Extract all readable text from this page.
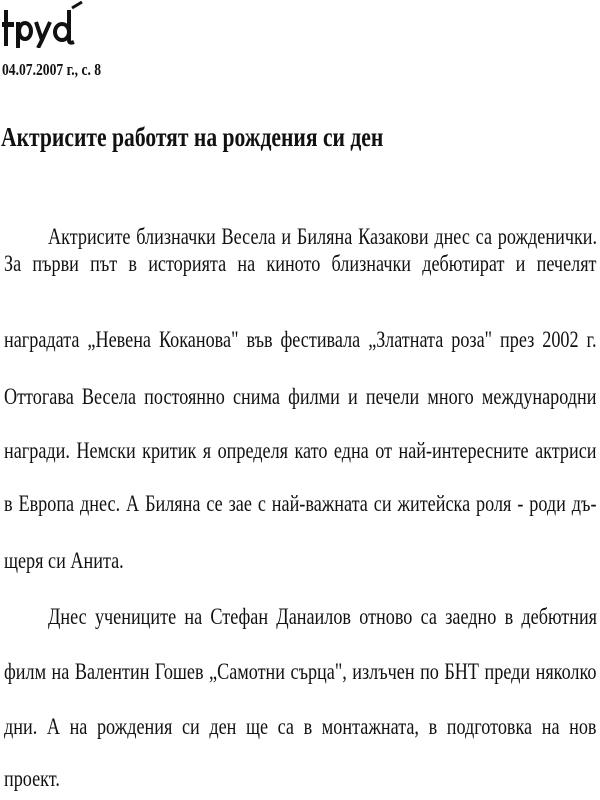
04.07.2007 г., с. 8
Актрисите работят на рождения си ден
Актрисите близначки Весела и Биляна Казакови днес са рожденички.
За първи път в историята на киното близначки дебютират и печелят
наградата „Невена Коканова" във фестивала „Златната роза" през 2002 г.
Оттогава Весела постоянно снима филми и печели много международни
награди. Немски критик я определя като една от най-интересните актриси
в Европа днес. А Биляна се зае с най-важната си житейска роля - роди дъ-
щеря си Анита.
Днес учениците на Стефан Данаилов отново са заедно в дебютния
филм на Валентин Гошев „Самотни сърца", излъчен по БНТ преди няколко
дни. А на рождения си ден ще са в монтажната, в подготовка на нов
проект.
